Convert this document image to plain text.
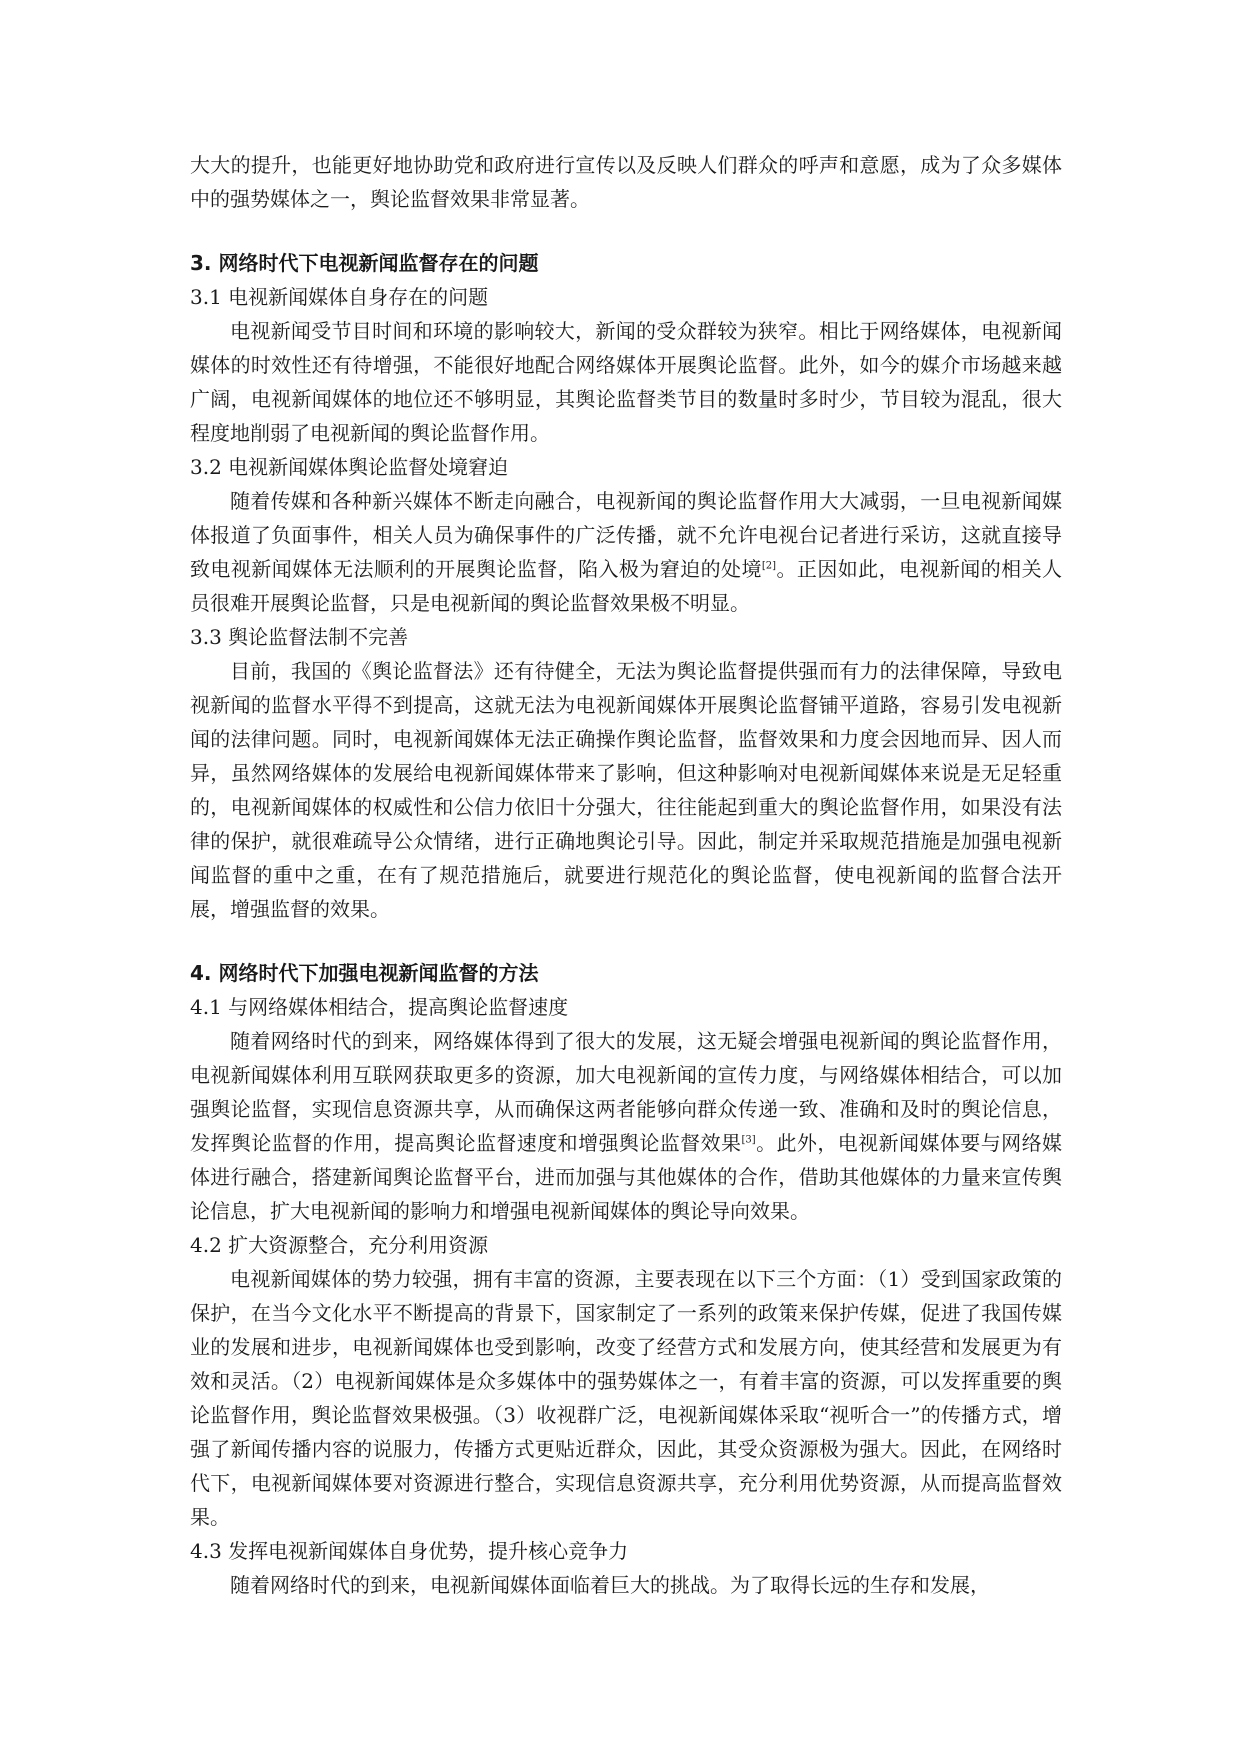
大大的提升，也能更好地协助党和政府进行宣传以及反映人们群众的呼声和意愿，成为了众多媒体中的强势媒体之一，舆论监督效果非常显著。

3. 网络时代下电视新闻监督存在的问题
3.1 电视新闻媒体自身存在的问题

电视新闻受节目时间和环境的影响较大，新闻的受众群较为狭窄。相比于网络媒体，电视新闻媒体的时效性还有待增强，不能很好地配合网络媒体开展舆论监督。此外，如今的媒介市场越来越广阔，电视新闻媒体的地位还不够明显，其舆论监督类节目的数量时多时少，节目较为混乱，很大程度地削弱了电视新闻的舆论监督作用。

3.2 电视新闻媒体舆论监督处境窘迫

随着传媒和各种新兴媒体不断走向融合，电视新闻的舆论监督作用大大减弱，一旦电视新闻媒体报道了负面事件，相关人员为确保事件的广泛传播，就不允许电视台记者进行采访，这就直接导致电视新闻媒体无法顺利的开展舆论监督，陷入极为窘迫的处境[2]。正因如此，电视新闻的相关人员很难开展舆论监督，只是电视新闻的舆论监督效果极不明显。

3.3 舆论监督法制不完善

目前，我国的《舆论监督法》还有待健全，无法为舆论监督提供强而有力的法律保障，导致电视新闻的监督水平得不到提高，这就无法为电视新闻媒体开展舆论监督铺平道路，容易引发电视新闻的法律问题。同时，电视新闻媒体无法正确操作舆论监督，监督效果和力度会因地而异、因人而异，虽然网络媒体的发展给电视新闻媒体带来了影响，但这种影响对电视新闻媒体来说是无足轻重的，电视新闻媒体的权威性和公信力依旧十分强大，往往能起到重大的舆论监督作用，如果没有法律的保护，就很难疏导公众情绪，进行正确地舆论引导。因此，制定并采取规范措施是加强电视新闻监督的重中之重，在有了规范措施后，就要进行规范化的舆论监督，使电视新闻的监督合法开展，增强监督的效果。

4. 网络时代下加强电视新闻监督的方法
4.1 与网络媒体相结合，提高舆论监督速度

随着网络时代的到来，网络媒体得到了很大的发展，这无疑会增强电视新闻的舆论监督作用，电视新闻媒体利用互联网获取更多的资源，加大电视新闻的宣传力度，与网络媒体相结合，可以加强舆论监督，实现信息资源共享，从而确保这两者能够向群众传递一致、准确和及时的舆论信息，发挥舆论监督的作用，提高舆论监督速度和增强舆论监督效果[3]。此外，电视新闻媒体要与网络媒体进行融合，搭建新闻舆论监督平台，进而加强与其他媒体的合作，借助其他媒体的力量来宣传舆论信息，扩大电视新闻的影响力和增强电视新闻媒体的舆论导向效果。

4.2 扩大资源整合，充分利用资源

电视新闻媒体的势力较强，拥有丰富的资源，主要表现在以下三个方面：（1）受到国家政策的保护，在当今文化水平不断提高的背景下，国家制定了一系列的政策来保护传媒，促进了我国传媒业的发展和进步，电视新闻媒体也受到影响，改变了经营方式和发展方向，使其经营和发展更为有效和灵活。（2）电视新闻媒体是众多媒体中的强势媒体之一，有着丰富的资源，可以发挥重要的舆论监督作用，舆论监督效果极强。（3）收视群广泛，电视新闻媒体采取“视听合一”的传播方式，增强了新闻传播内容的说服力，传播方式更贴近群众，因此，其受众资源极为强大。因此，在网络时代下，电视新闻媒体要对资源进行整合，实现信息资源共享，充分利用优势资源，从而提高监督效果。

4.3 发挥电视新闻媒体自身优势，提升核心竞争力

随着网络时代的到来，电视新闻媒体面临着巨大的挑战。为了取得长远的生存和发展，
